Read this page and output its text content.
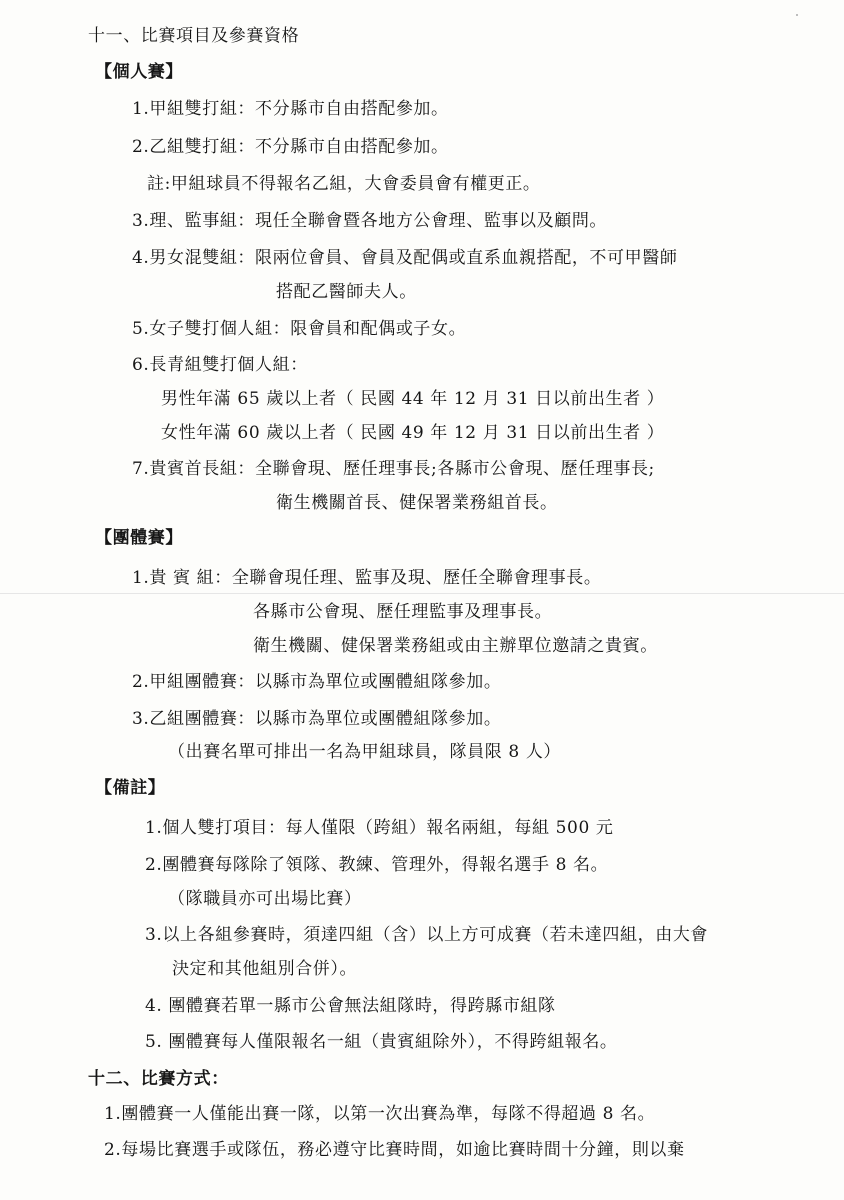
十一、比賽項目及參賽資格
【個人賽】
1.甲組雙打組：不分縣市自由搭配參加。
2.乙組雙打組：不分縣市自由搭配參加。
註:甲組球員不得報名乙組，大會委員會有權更正。
3.理、監事組：現任全聯會暨各地方公會理、監事以及顧問。
4.男女混雙組：限兩位會員、會員及配偶或直系血親搭配，不可甲醫師
搭配乙醫師夫人。
5.女子雙打個人組：限會員和配偶或子女。
6.長青組雙打個人組：
男性年滿 65 歲以上者（ 民國 44 年 12 月 31 日以前出生者 ）
女性年滿 60 歲以上者（ 民國 49 年 12 月 31 日以前出生者 ）
7.貴賓首長組：全聯會現、歷任理事長;各縣市公會現、歷任理事長;
衛生機關首長、健保署業務組首長。
【團體賽】
1.貴 賓 組：全聯會現任理、監事及現、歷任全聯會理事長。
各縣市公會現、歷任理監事及理事長。
衛生機關、健保署業務組或由主辦單位邀請之貴賓。
2.甲組團體賽：以縣市為單位或團體組隊參加。
3.乙組團體賽：以縣市為單位或團體組隊參加。
（出賽名單可排出一名為甲組球員，隊員限 8 人）
【備註】
1.個人雙打項目：每人僅限（跨組）報名兩組，每組 500 元
2.團體賽每隊除了領隊、教練、管理外，得報名選手 8 名。
（隊職員亦可出場比賽）
3.以上各組參賽時，須達四組（含）以上方可成賽（若未達四組，由大會
決定和其他組別合併）。
4. 團體賽若單一縣市公會無法組隊時，得跨縣市組隊
5. 團體賽每人僅限報名一組（貴賓組除外），不得跨組報名。
十二、比賽方式：
1.團體賽一人僅能出賽一隊，以第一次出賽為準，每隊不得超過 8 名。
2.每場比賽選手或隊伍，務必遵守比賽時間，如逾比賽時間十分鐘，則以棄
